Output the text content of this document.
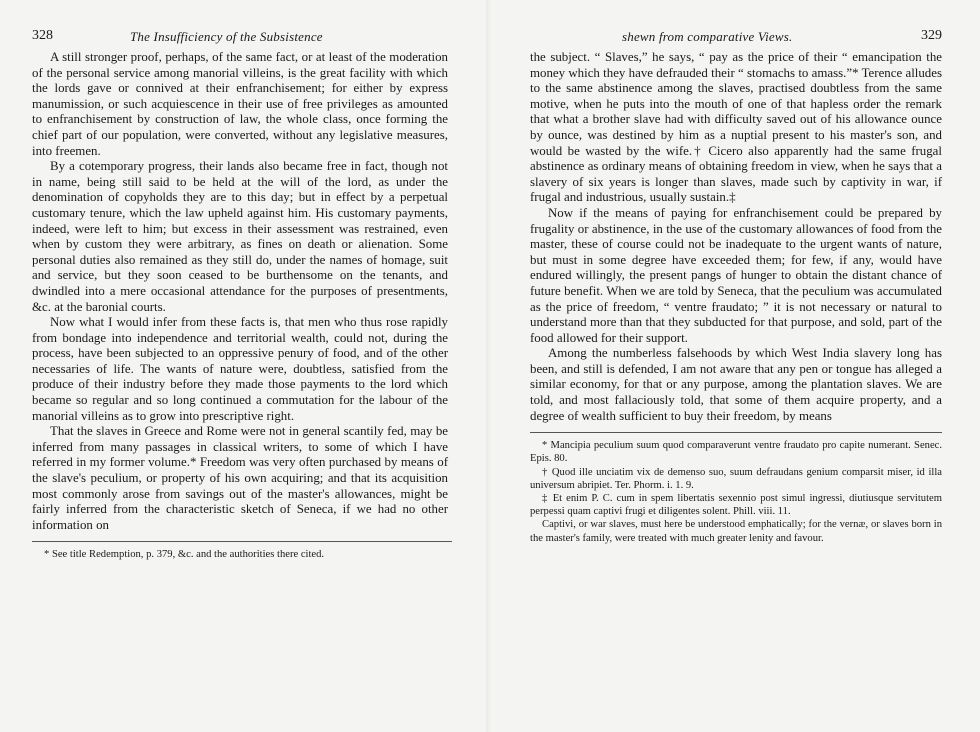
328	The Insufficiency of the Subsistence

A still stronger proof, perhaps, of the same fact, or at least of the moderation of the personal service among manorial villeins, is the great facility with which the lords gave or connived at their enfranchisement; for either by express manumission, or such acquiescence in their use of free privileges as amounted to enfranchisement by construction of law, the whole class, once forming the chief part of our population, were converted, without any legislative measures, into freemen.

By a cotemporary progress, their lands also became free in fact, though not in name, being still said to be held at the will of the lord, as under the denomination of copyholds they are to this day; but in effect by a perpetual customary tenure, which the law upheld against him. His customary payments, indeed, were left to him; but excess in their assessment was restrained, even when by custom they were arbitrary, as fines on death or alienation. Some personal duties also remained as they still do, under the names of homage, suit and service, but they soon ceased to be burthensome on the tenants, and dwindled into a mere occasional attendance for the purposes of presentments, &c. at the baronial courts.

Now what I would infer from these facts is, that men who thus rose rapidly from bondage into independence and territorial wealth, could not, during the process, have been subjected to an oppressive penury of food, and of the other necessaries of life. The wants of nature were, doubtless, satisfied from the produce of their industry before they made those payments to the lord which became so regular and so long continued a commutation for the labour of the manorial villeins as to grow into prescriptive right.

That the slaves in Greece and Rome were not in general scantily fed, may be inferred from many passages in classical writers, to some of which I have referred in my former volume.* Freedom was very often purchased by means of the slave's peculium, or property of his own acquiring; and that its acquisition most commonly arose from savings out of the master's allowances, might be fairly inferred from the characteristic sketch of Seneca, if we had no other information on

* See title Redemption, p. 379, &c. and the authorities there cited.

shewn from comparative Views.	329

the subject. “ Slaves,” he says, “ pay as the price of their “ emancipation the money which they have defrauded their “ stomachs to amass.”* Terence alludes to the same abstinence among the slaves, practised doubtless from the same motive, when he puts into the mouth of one of that hapless order the remark that what a brother slave had with difficulty saved out of his allowance ounce by ounce, was destined by him as a nuptial present to his master's son, and would be wasted by the wife.† Cicero also apparently had the same frugal abstinence as ordinary means of obtaining freedom in view, when he says that a slavery of six years is longer than slaves, made such by captivity in war, if frugal and industrious, usually sustain.‡

Now if the means of paying for enfranchisement could be prepared by frugality or abstinence, in the use of the customary allowances of food from the master, these of course could not be inadequate to the urgent wants of nature, but must in some degree have exceeded them; for few, if any, would have endured willingly, the present pangs of hunger to obtain the distant chance of future benefit. When we are told by Seneca, that the peculium was accumulated as the price of freedom, “ ventre fraudato; ” it is not necessary or natural to understand more than that they subducted for that purpose, and sold, part of the food allowed for their support.

Among the numberless falsehoods by which West India slavery long has been, and still is defended, I am not aware that any pen or tongue has alleged a similar economy, for that or any purpose, among the plantation slaves. We are told, and most fallaciously told, that some of them acquire property, and a degree of wealth sufficient to buy their freedom, by means

* Mancipia peculium suum quod comparaverunt ventre fraudato pro capite numerant. Senec. Epis. 80.

† Quod ille unciatim vix de demenso suo, suum defraudans genium comparsit miser, id illa universum abripiet. Ter. Phorm. i. 1. 9.

‡ Et enim P. C. cum in spem libertatis sexennio post simul ingressi, diutiusque servitutem perpessi quam captivi frugi et diligentes solent. Phill. viii. 11.

Captivi, or war slaves, must here be understood emphatically; for the vernæ, or slaves born in the master's family, were treated with much greater lenity and favour.
